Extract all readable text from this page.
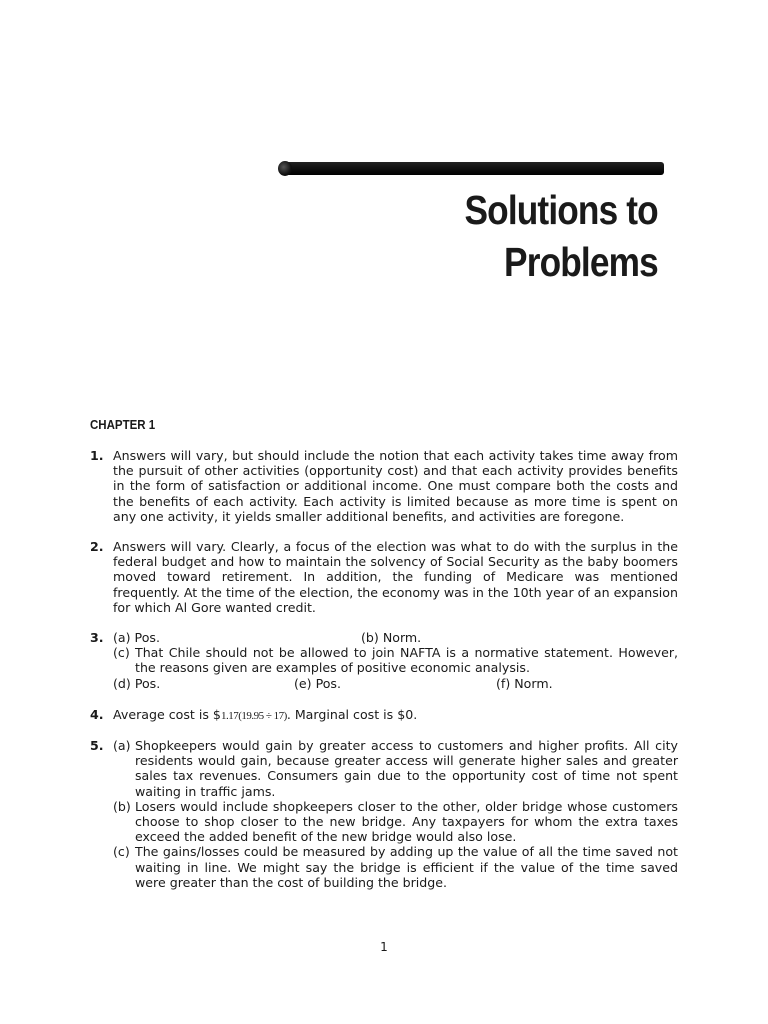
Solutions to
Problems
CHAPTER 1
1. Answers will vary, but should include the notion that each activity takes time away from the pursuit of other activities (opportunity cost) and that each activity provides benefits in the form of satisfaction or additional income. One must compare both the costs and the benefits of each activity. Each activity is limited because as more time is spent on any one activity, it yields smaller additional benefits, and activities are foregone.
2. Answers will vary. Clearly, a focus of the election was what to do with the surplus in the federal budget and how to maintain the solvency of Social Security as the baby boomers moved toward retirement. In addition, the funding of Medicare was mentioned frequently. At the time of the election, the economy was in the 10th year of an expansion for which Al Gore wanted credit.
3. (a) Pos.	(b) Norm.
(c) That Chile should not be allowed to join NAFTA is a normative statement. However, the reasons given are examples of positive economic analysis.
(d) Pos.	(e) Pos.	(f) Norm.
4. Average cost is $1.17(19.95 ÷ 17). Marginal cost is $0.
5. (a) Shopkeepers would gain by greater access to customers and higher profits. All city residents would gain, because greater access will generate higher sales and greater sales tax revenues. Consumers gain due to the opportunity cost of time not spent waiting in traffic jams.
(b) Losers would include shopkeepers closer to the other, older bridge whose customers choose to shop closer to the new bridge. Any taxpayers for whom the extra taxes exceed the added benefit of the new bridge would also lose.
(c) The gains/losses could be measured by adding up the value of all the time saved not waiting in line. We might say the bridge is efficient if the value of the time saved were greater than the cost of building the bridge.
1
